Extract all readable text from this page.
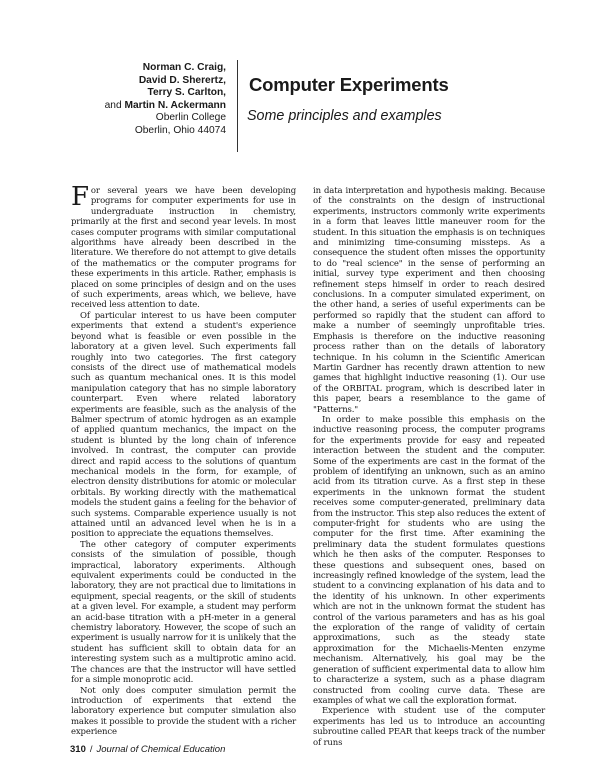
Norman C. Craig,
David D. Sherertz,
Terry S. Carlton,
and Martin N. Ackermann
Oberlin College
Oberlin, Ohio 44074
Computer Experiments
Some principles and examples

For several years we have been developing programs for computer experiments for use in undergraduate instruction in chemistry, primarily at the first and second year levels. In most cases computer programs with similar computational algorithms have already been described in the literature. We therefore do not attempt to give details of the mathematics or the computer programs for these experiments in this article. Rather, emphasis is placed on some principles of design and on the uses of such experiments, areas which, we believe, have received less attention to date.

Of particular interest to us have been computer experiments that extend a student's experience beyond what is feasible or even possible in the laboratory at a given level. Such experiments fall roughly into two categories. The first category consists of the direct use of mathematical models such as quantum mechanical ones. It is this model manipulation category that has no simple laboratory counterpart. Even where related laboratory experiments are feasible, such as the analysis of the Balmer spectrum of atomic hydrogen as an example of applied quantum mechanics, the impact on the student is blunted by the long chain of inference involved. In contrast, the computer can provide direct and rapid access to the solutions of quantum mechanical models in the form, for example, of electron density distributions for atomic or molecular orbitals. By working directly with the mathematical models the student gains a feeling for the behavior of such systems. Comparable experience usually is not attained until an advanced level when he is in a position to appreciate the equations themselves.

The other category of computer experiments consists of the simulation of possible, though impractical, laboratory experiments. Although equivalent experiments could be conducted in the laboratory, they are not practical due to limitations in equipment, special reagents, or the skill of students at a given level. For example, a student may perform an acid-base titration with a pH-meter in a general chemistry laboratory. However, the scope of such an experiment is usually narrow for it is unlikely that the student has sufficient skill to obtain data for an interesting system such as a multiprotic amino acid. The chances are that the instructor will have settled for a simple monoprotic acid.

Not only does computer simulation permit the introduction of experiments that extend the laboratory experience but computer simulation also makes it possible to provide the student with a richer experience

in data interpretation and hypothesis making. Because of the constraints on the design of instructional experiments, instructors commonly write experiments in a form that leaves little maneuver room for the student. In this situation the emphasis is on techniques and minimizing time-consuming missteps. As a consequence the student often misses the opportunity to do "real science" in the sense of performing an initial, survey type experiment and then choosing refinement steps himself in order to reach desired conclusions. In a computer simulated experiment, on the other hand, a series of useful experiments can be performed so rapidly that the student can afford to make a number of seemingly unprofitable tries. Emphasis is therefore on the inductive reasoning process rather than on the details of laboratory technique. In his column in the Scientific American Martin Gardner has recently drawn attention to new games that highlight inductive reasoning (1). Our use of the ORBITAL program, which is described later in this paper, bears a resemblance to the game of "Patterns."

In order to make possible this emphasis on the inductive reasoning process, the computer programs for the experiments provide for easy and repeated interaction between the student and the computer. Some of the experiments are cast in the format of the problem of identifying an unknown, such as an amino acid from its titration curve. As a first step in these experiments in the unknown format the student receives some computer-generated, preliminary data from the instructor. This step also reduces the extent of computer-fright for students who are using the computer for the first time. After examining the preliminary data the student formulates questions which he then asks of the computer. Responses to these questions and subsequent ones, based on increasingly refined knowledge of the system, lead the student to a convincing explanation of his data and to the identity of his unknown. In other experiments which are not in the unknown format the student has control of the various parameters and has as his goal the exploration of the range of validity of certain approximations, such as the steady state approximation for the Michaelis-Menten enzyme mechanism. Alternatively, his goal may be the generation of sufficient experimental data to allow him to characterize a system, such as a phase diagram constructed from cooling curve data. These are examples of what we call the exploration format.

Experience with student use of the computer experiments has led us to introduce an accounting subroutine called PEAR that keeps track of the number of runs

310 / Journal of Chemical Education
